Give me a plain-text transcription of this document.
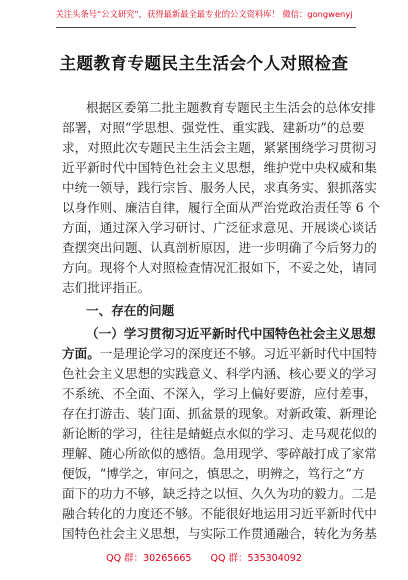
关注头条号“公文研究”，获得最新最全最专业的公文资料库！ 微信：gongwenyj
主题教育专题民主生活会个人对照检查
根据区委第二批主题教育专题民主生活会的总体安排
部署，对照“学思想、强党性、重实践、建新功”的总要
求，对照此次专题民主生活会主题，紧紧围绕学习贯彻习
近平新时代中国特色社会主义思想，维护党中央权威和集
中统一领导，践行宗旨、服务人民，求真务实、狠抓落实
以身作则、廉洁自律，履行全面从严治党政治责任等 6 个
方面，通过深入学习研讨、广泛征求意见、开展谈心谈话
查摆突出问题、认真剖析原因，进一步明确了今后努力的
方向。现将个人对照检查情况汇报如下，不妥之处，请同
志们批评指正。
一、存在的问题
（一）学习贯彻习近平新时代中国特色社会主义思想
方面。一是理论学习的深度还不够。习近平新时代中国特
色社会主义思想的实践意义、科学内涵、核心要义的学习
不系统、不全面、不深入，学习上偏好要游，应付差事，
存在打游击、装门面、抓盆景的现象。对新政策、新理论
新论断的学习，往往是蜻蜓点水似的学习、走马观花似的
理解、随心所欲似的感悟。急用现学、零碎敲打成了家常
便饭，“博学之，审问之，慎思之，明辨之，笃行之”方
面下的功力不够，缺乏持之以恒、久久为功的毅力。二是
融合转化的力度还不够。不能很好地运用习近平新时代中
国特色社会主义思想，与实际工作贯通融合，转化为务基
QQ 群：30265665 QQ 群：535304092
